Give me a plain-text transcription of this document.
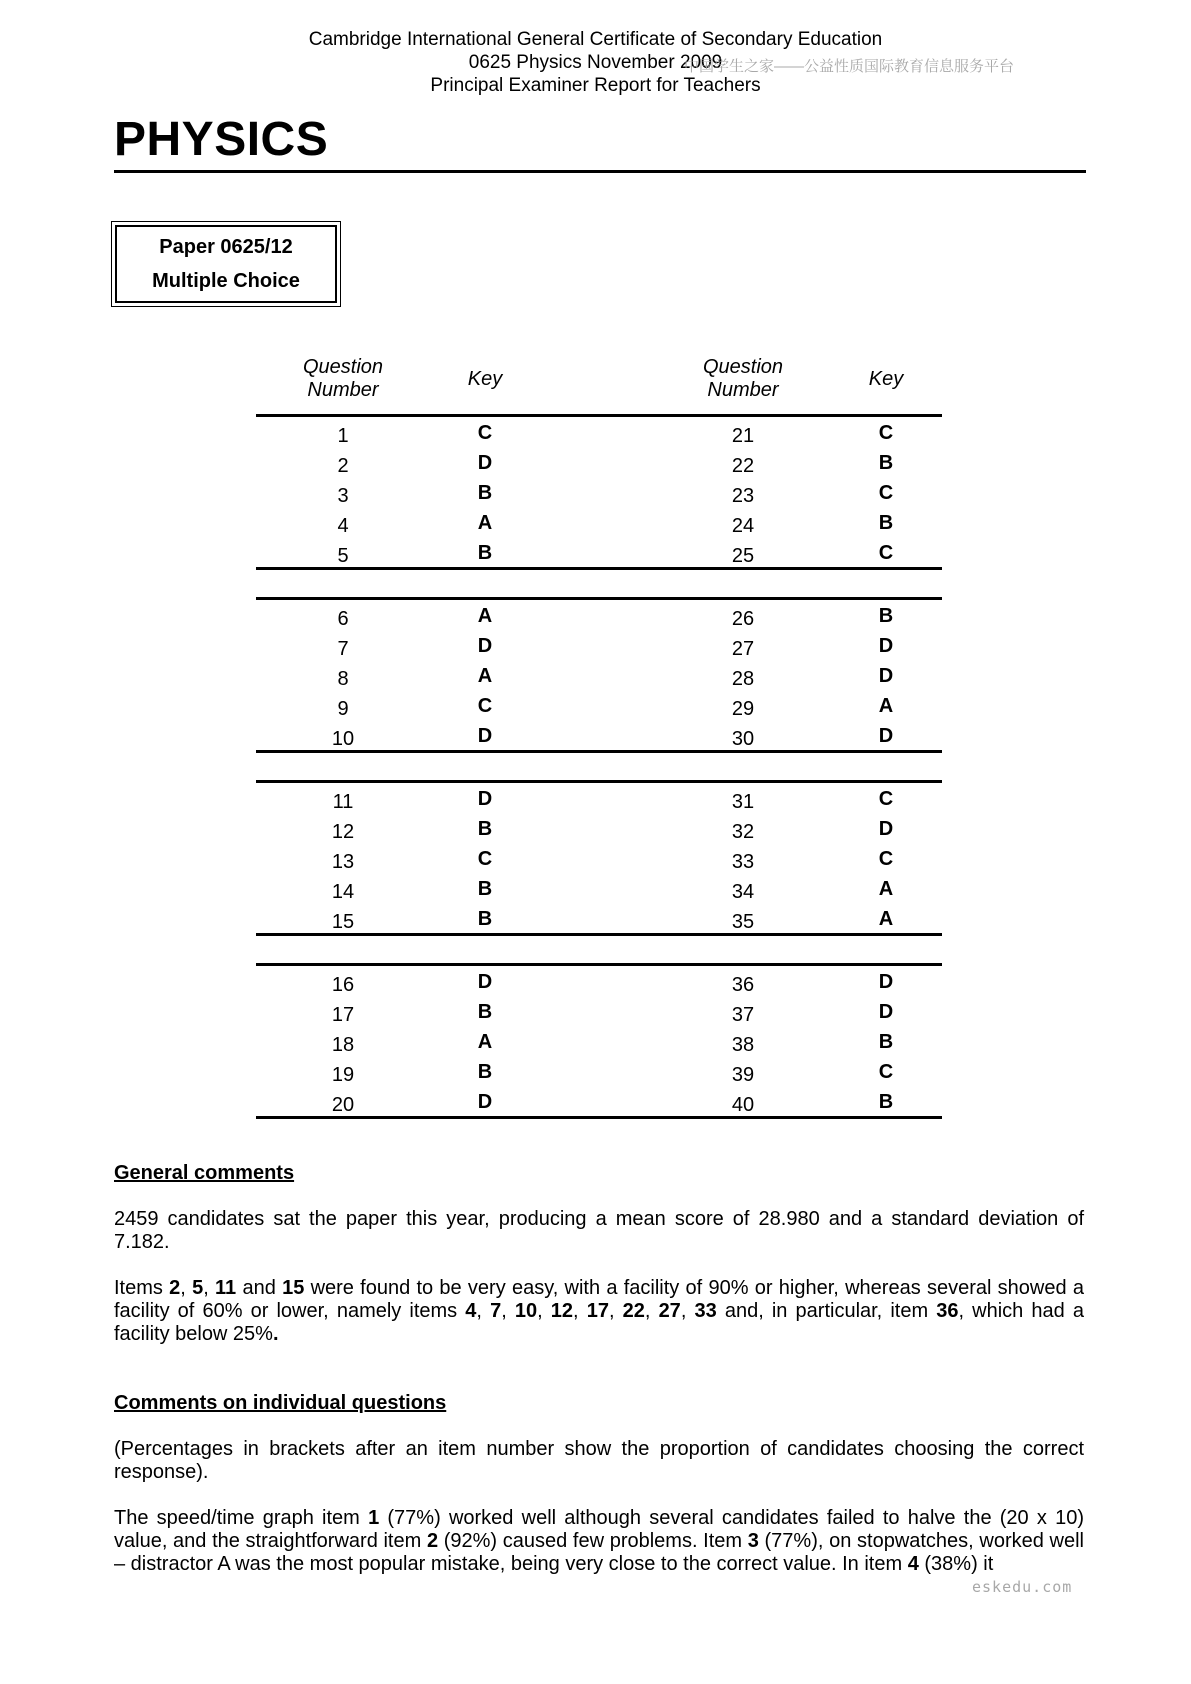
Cambridge International General Certificate of Secondary Education
0625 Physics November 2009
Principal Examiner Report for Teachers
中国学生之家——公益性质国际教育信息服务平台
PHYSICS
Paper 0625/12
Multiple Choice
Question
Number	Key
Question
Number	Key
1	C	21	C
2	D	22	B
3	B	23	C
4	A	24	B
5	B	25	C
6	A	26	B
7	D	27	D
8	A	28	D
9	C	29	A
10	D	30	D
11	D	31	C
12	B	32	D
13	C	33	C
14	B	34	A
15	B	35	A
16	D	36	D
17	B	37	D
18	A	38	B
19	B	39	C
20	D	40	B
General comments
2459 candidates sat the paper this year, producing a mean score of 28.980 and a standard deviation of 7.182.
Items 2, 5, 11 and 15 were found to be very easy, with a facility of 90% or higher, whereas several showed a facility of 60% or lower, namely items 4, 7, 10, 12, 17, 22, 27, 33 and, in particular, item 36, which had a facility below 25%.
Comments on individual questions
(Percentages in brackets after an item number show the proportion of candidates choosing the correct response).
The speed/time graph item 1 (77%) worked well although several candidates failed to halve the (20 x 10) value, and the straightforward item 2 (92%) caused few problems. Item 3 (77%), on stopwatches, worked well – distractor A was the most popular mistake, being very close to the correct value. In item 4 (38%) it
eskedu.com
